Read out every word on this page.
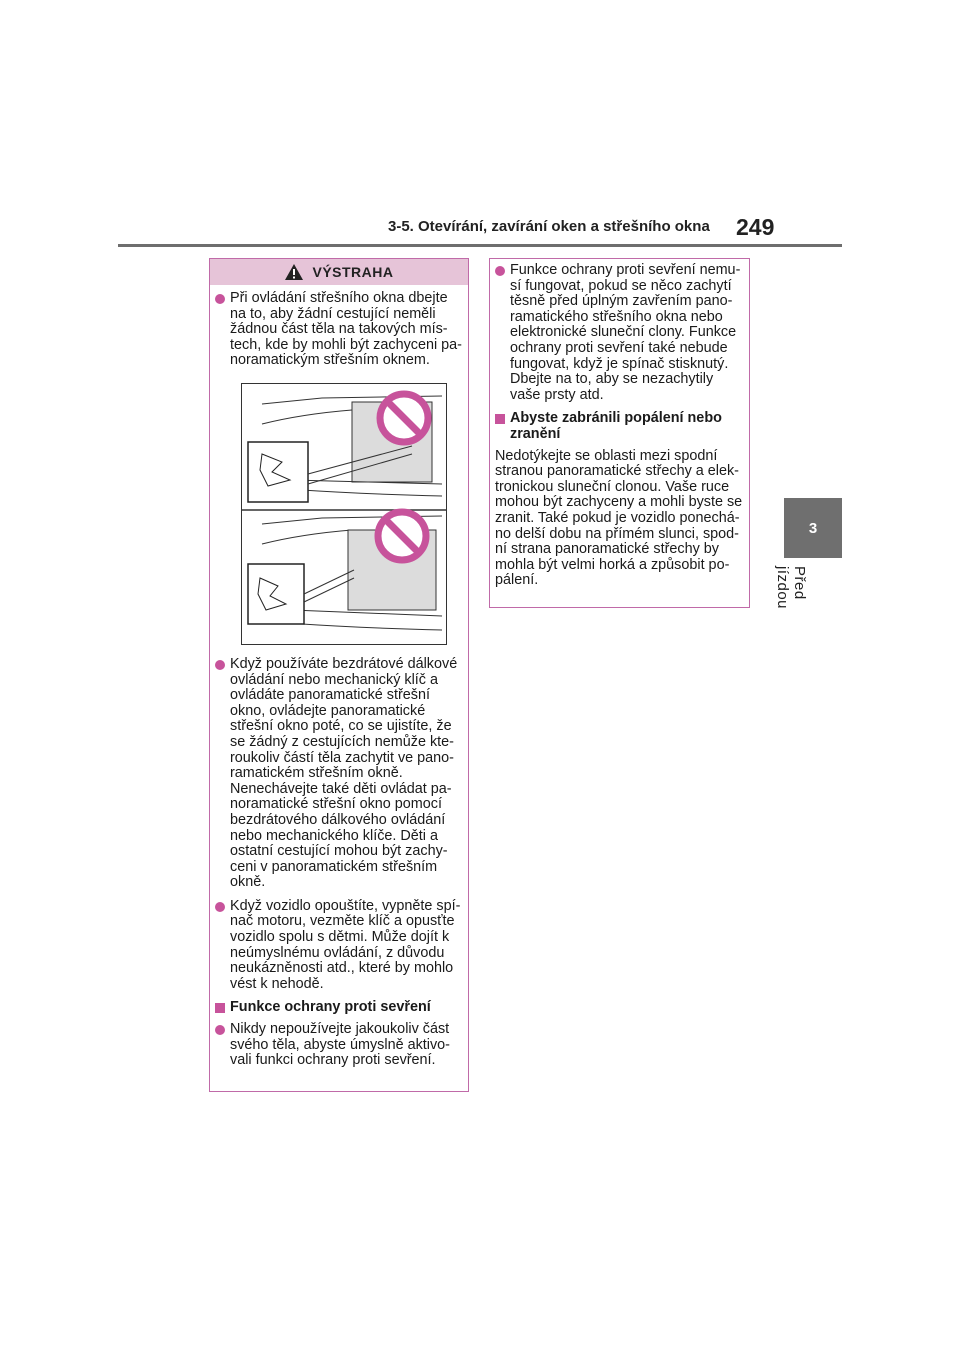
3-5. Otevírání, zavírání oken a střešního okna 249
3
Před jízdou
VÝSTRAHA
Při ovládání střešního okna dbejte na to, aby žádní cestující neměli žádnou část těla na takových mís-tech, kde by mohli být zachyceni pa-noramatickým střešním oknem.
Když používáte bezdrátové dálkové ovládání nebo mechanický klíč a ovládáte panoramatické střešní okno, ovládejte panoramatické střešní okno poté, co se ujistíte, že se žádný z cestujících nemůže kte-roukoliv částí těla zachytit ve pano-ramatickém střešním okně. Nenechávejte také děti ovládat pa-noramatické střešní okno pomocí bezdrátového dálkového ovládání nebo mechanického klíče. Děti a ostatní cestující mohou být zachy-ceni v panoramatickém střešním okně.
Když vozidlo opouštíte, vypněte spí-nač motoru, vezměte klíč a opusťte vozidlo spolu s dětmi. Může dojít k neúmyslnému ovládání, z důvodu neukázněnosti atd., které by mohlo vést k nehodě.
Funkce ochrany proti sevření
Nikdy nepoužívejte jakoukoliv část svého těla, abyste úmyslně aktivo-vali funkci ochrany proti sevření.
Funkce ochrany proti sevření nemu-sí fungovat, pokud se něco zachytí těsně před úplným zavřením pano-ramatického střešního okna nebo elektronické sluneční clony. Funkce ochrany proti sevření také nebude fungovat, když je spínač stisknutý. Dbejte na to, aby se nezachytily vaše prsty atd.
Abyste zabránili popálení nebo zranění
Nedotýkejte se oblasti mezi spodní stranou panoramatické střechy a elek-tronickou sluneční clonou. Vaše ruce mohou být zachyceny a mohli byste se zranit. Také pokud je vozidlo ponechá-no delší dobu na přímém slunci, spod-ní strana panoramatické střechy by mohla být velmi horká a způsobit po-pálení.
